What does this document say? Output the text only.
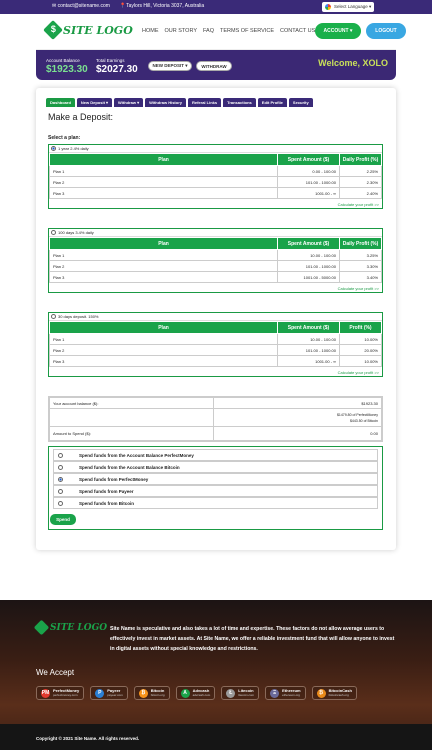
✉ contact@sitename.com 📍Taylors Hill, Victoria 3037, Australia	Select Language ▾
$
SITE LOGO HOME OUR STORY FAQ TERMS OF SERVICE CONTACT US ACCOUNT ▾	LOGOUT
Account Balance
$1923.30
Total Earnings
$2027.30	NEW DEPOSIT ▾	WITHDRAW	Welcome, XOLO
Dashboard	New Deposit ▾	Withdraw ▾	Withdraw History	Referal Links	Transactions	Edit Profile	Security
Make a Deposit:
Select a plan:
1 year 2.4% daily
Plan	Spent Amount ($)	Daily Profit (%)
Plan 1	0.00 - 100.00	2.25%
Plan 2	101.00 - 1000.00	2.30%
Plan 3	1001.00 - ∞	2.40%
Calculate your profit >>
100 days 3.4% daily
Plan	Spent Amount ($)	Daily Profit (%)
Plan 1	10.00 - 100.00	3.25%
Plan 2	101.00 - 1000.00	3.30%
Plan 3	1001.00 - 5000.00	3.40%
Calculate your profit >>
30 days deposit. 150%
Plan	Spent Amount ($)	Profit (%)
Plan 1	10.00 - 100.00	10.00%
Plan 2	101.00 - 1000.00	20.00%
Plan 3	1001.00 - ∞	10.00%
Calculate your profit >>
Your account balance ($):	$1923.30
	$1479.80 of PerfectMoney
$443.50 of Bitcoin
Amount to Spend ($):	0.00
Spend funds from the Account Balance PerfectMoney
Spend funds from the Account Balance Bitcoin
Spend funds from PerfectMoney
Spend funds from Payeer
Spend funds from Bitcoin
Spend
SITE LOGO Site Name is speculative and also takes a lot of time and expertise. These factors do not allow average users to effectively invest in market assets. At Site Name, we offer a reliable investment fund that will allow anyone to invest in digital assets without special knowledge and restrictions.
We Accept
PM PerfectMoney
perfectmoney.com	P	Payeer
payeer.com	₿	Bitcoin
bitcoin.org	A	Advcash
advcash.com	Ł	Litecoin
litecoin.com	Ξ	Ethereum
ethereum.org	₿	BitcoinCash
bitcoincash.org
Copyright © 2021 Site Name. All rights reserved.
